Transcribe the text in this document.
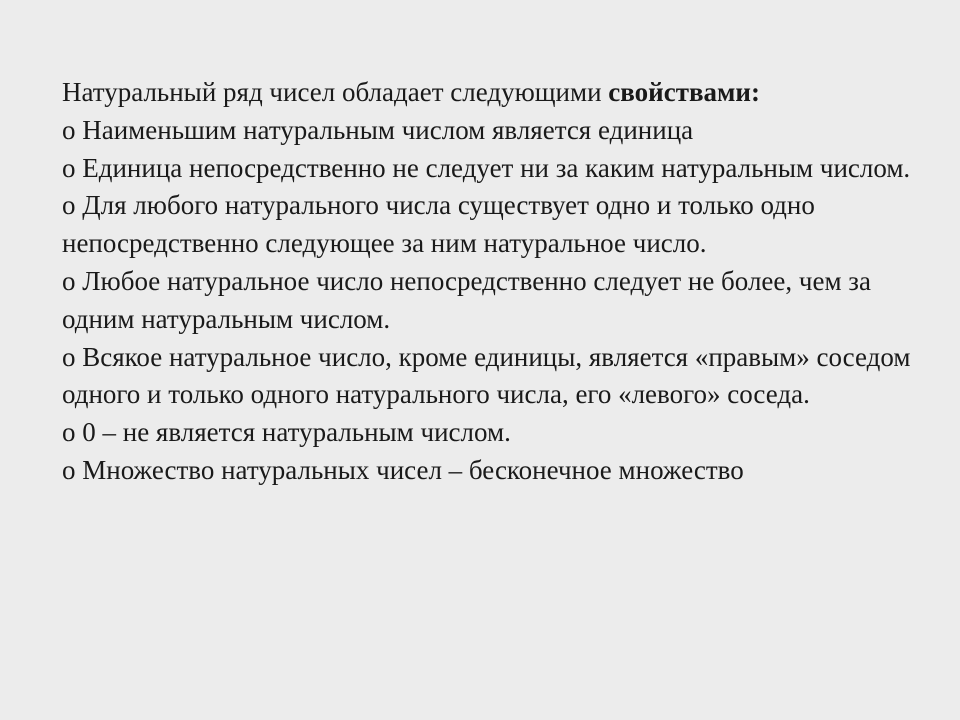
Натуральный ряд чисел обладает следующими свойствами:

o Наименьшим натуральным числом является единица

o Единица непосредственно не следует ни за каким натуральным числом.

o Для любого натурального числа существует одно и только одно непосредственно следующее за ним натуральное число.

o Любое натуральное число непосредственно следует не более, чем за одним натуральным числом.

o Всякое натуральное число, кроме единицы, является «правым» соседом одного и только одного натурального числа, его «левого» соседа.

o 0 – не является натуральным числом.

o Множество натуральных чисел – бесконечное множество
